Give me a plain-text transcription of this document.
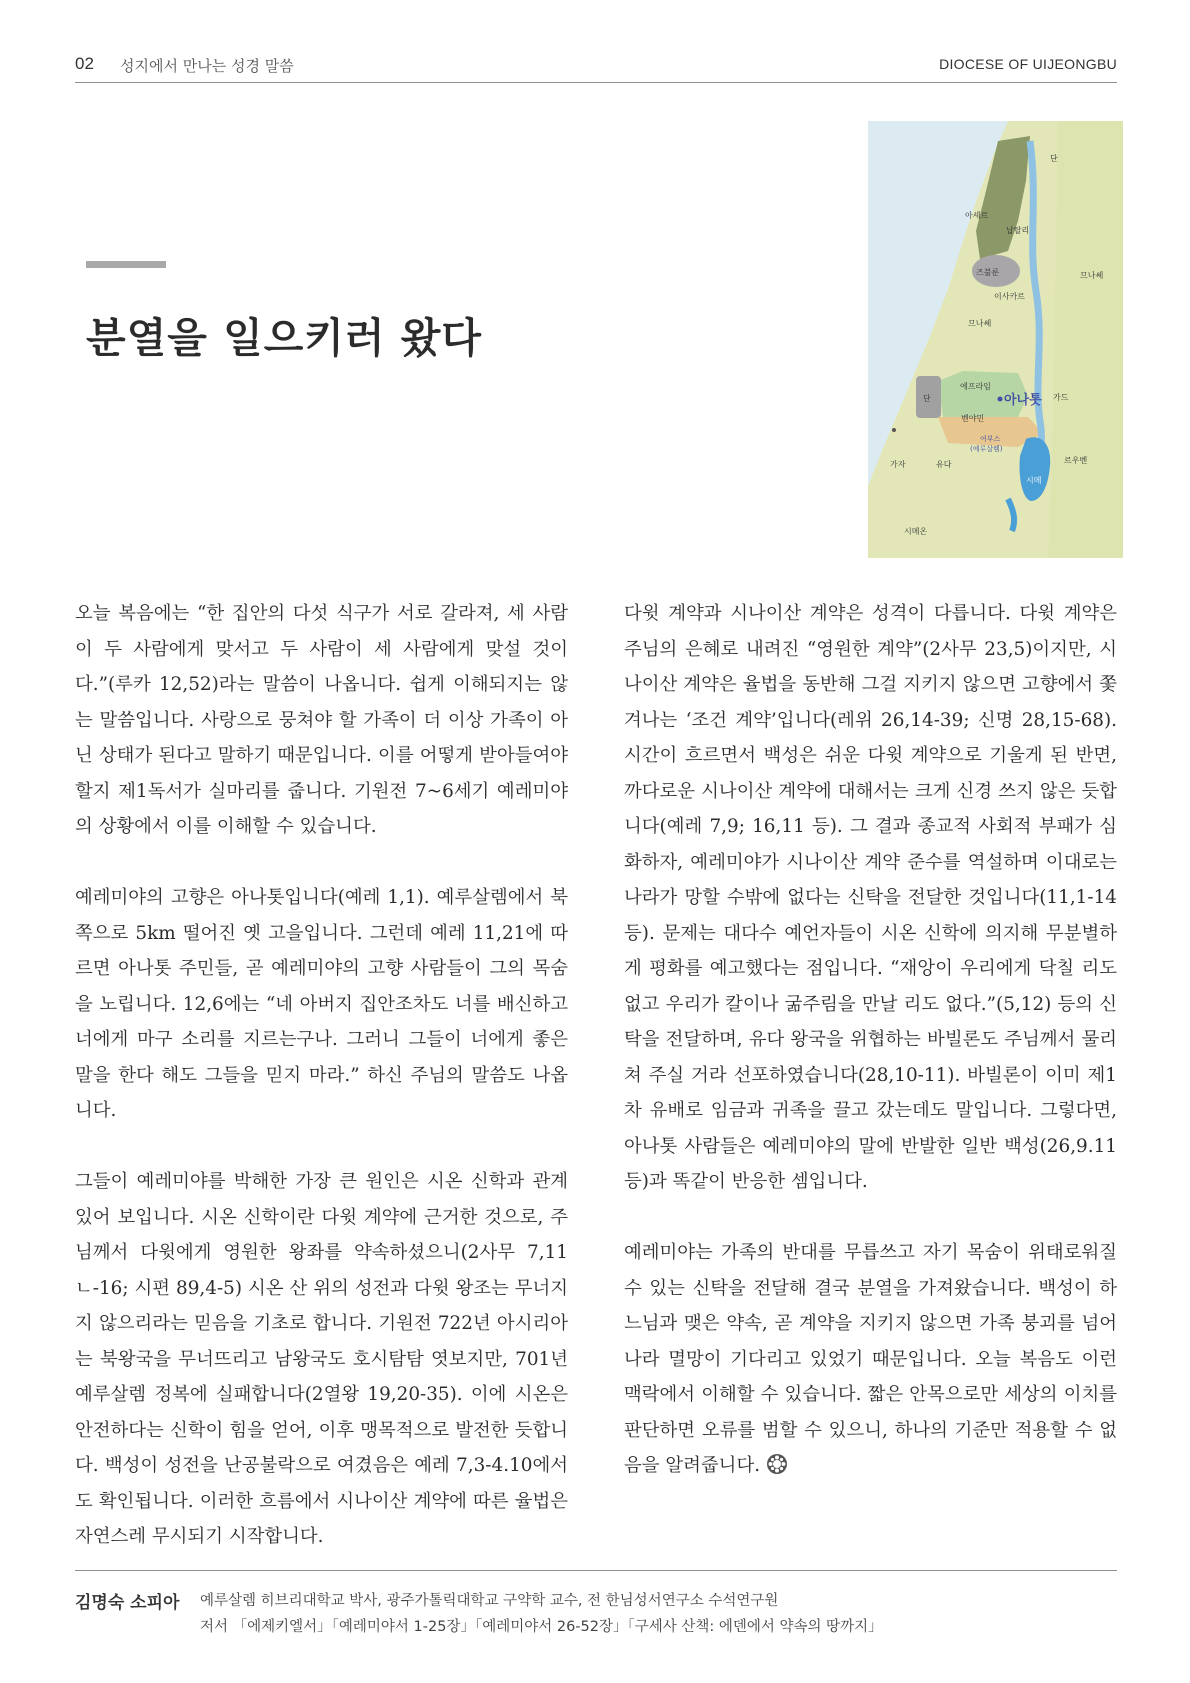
02 성지에서 만나는 성경 말씀	DIOCESE OF UIJEONGBU
분열을 일으키러 왔다
단
아셰르
납탈리
즈불룬	므나쎄
이사카르
므나쎄
단
에프라임
가드
벤야민
여부스
(예루살렘)
가자	유다	르우벤
시메
시메온
아나톳

오늘 복음에는 “한 집안의 다섯 식구가 서로 갈라져, 세 사람이 두 사람에게 맞서고 두 사람이 세 사람에게 맞설 것이다.”(루카 12,52)라는 말씀이 나옵니다. 쉽게 이해되지는 않는 말씀입니다. 사랑으로 뭉쳐야 할 가족이 더 이상 가족이 아닌 상태가 된다고 말하기 때문입니다. 이를 어떻게 받아들여야 할지 제1독서가 실마리를 줍니다. 기원전 7~6세기 예레미야의 상황에서 이를 이해할 수 있습니다.

예레미야의 고향은 아나톳입니다(예레 1,1). 예루살렘에서 북쪽으로 5km 떨어진 옛 고을입니다. 그런데 예레 11,21에 따르면 아나톳 주민들, 곧 예레미야의 고향 사람들이 그의 목숨을 노립니다. 12,6에는 “네 아버지 집안조차도 너를 배신하고 너에게 마구 소리를 지르는구나. 그러니 그들이 너에게 좋은 말을 한다 해도 그들을 믿지 마라.” 하신 주님의 말씀도 나옵니다.

그들이 예레미야를 박해한 가장 큰 원인은 시온 신학과 관계 있어 보입니다. 시온 신학이란 다윗 계약에 근거한 것으로, 주님께서 다윗에게 영원한 왕좌를 약속하셨으니(2사무 7,11ㄴ-16; 시편 89,4-5) 시온 산 위의 성전과 다윗 왕조는 무너지지 않으리라는 믿음을 기초로 합니다. 기원전 722년 아시리아는 북왕국을 무너뜨리고 남왕국도 호시탐탐 엿보지만, 701년 예루살렘 정복에 실패합니다(2열왕 19,20-35). 이에 시온은 안전하다는 신학이 힘을 얻어, 이후 맹목적으로 발전한 듯합니다. 백성이 성전을 난공불락으로 여겼음은 예레 7,3-4.10에서도 확인됩니다. 이러한 흐름에서 시나이산 계약에 따른 율법은 자연스레 무시되기 시작합니다.

다윗 계약과 시나이산 계약은 성격이 다릅니다. 다윗 계약은 주님의 은혜로 내려진 “영원한 계약”(2사무 23,5)이지만, 시나이산 계약은 율법을 동반해 그걸 지키지 않으면 고향에서 쫓겨나는 ‘조건 계약’입니다(레위 26,14-39; 신명 28,15-68). 시간이 흐르면서 백성은 쉬운 다윗 계약으로 기울게 된 반면, 까다로운 시나이산 계약에 대해서는 크게 신경 쓰지 않은 듯합니다(예레 7,9; 16,11 등). 그 결과 종교적 사회적 부패가 심화하자, 예레미야가 시나이산 계약 준수를 역설하며 이대로는 나라가 망할 수밖에 없다는 신탁을 전달한 것입니다(11,1-14 등). 문제는 대다수 예언자들이 시온 신학에 의지해 무분별하게 평화를 예고했다는 점입니다. “재앙이 우리에게 닥칠 리도 없고 우리가 칼이나 굶주림을 만날 리도 없다.”(5,12) 등의 신탁을 전달하며, 유다 왕국을 위협하는 바빌론도 주님께서 물리쳐 주실 거라 선포하였습니다(28,10-11). 바빌론이 이미 제1차 유배로 임금과 귀족을 끌고 갔는데도 말입니다. 그렇다면, 아나톳 사람들은 예레미야의 말에 반발한 일반 백성(26,9.11 등)과 똑같이 반응한 셈입니다.

예레미야는 가족의 반대를 무릅쓰고 자기 목숨이 위태로워질 수 있는 신탁을 전달해 결국 분열을 가져왔습니다. 백성이 하느님과 맺은 약속, 곧 계약을 지키지 않으면 가족 붕괴를 넘어 나라 멸망이 기다리고 있었기 때문입니다. 오늘 복음도 이런 맥락에서 이해할 수 있습니다. 짧은 안목으로만 세상의 이치를 판단하면 오류를 범할 수 있으니, 하나의 기준만 적용할 수 없음을 알려줍니다.

김명숙 소피아 예루살렘 히브리대학교 박사, 광주가톨릭대학교 구약학 교수, 전 한님성서연구소 수석연구원
저서 「에제키엘서」「예레미야서 1-25장」「예레미야서 26-52장」「구세사 산책: 에덴에서 약속의 땅까지」
